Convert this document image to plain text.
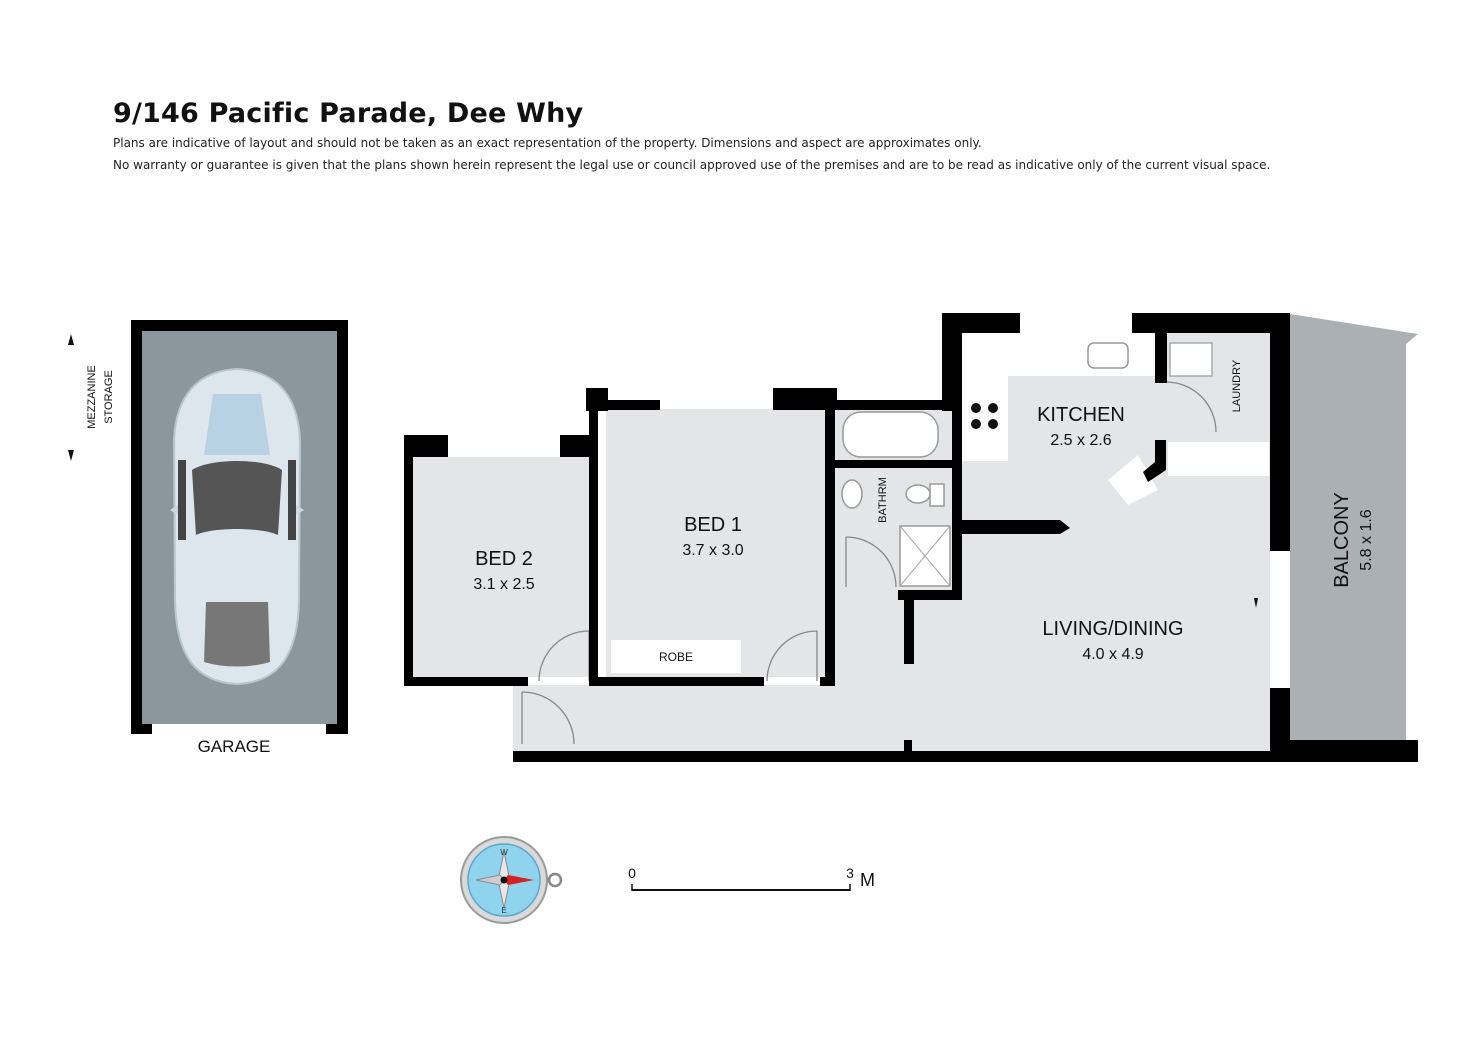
9/146 Pacific Parade, Dee Why

Plans are indicative of layout and should not be taken as an exact representation of the property. Dimensions and aspect are approximates only.

No warranty or guarantee is given that the plans shown herein represent the legal use or council approved use of the premises and are to be read as indicative only of the current visual space.

GARAGE
MEZZANINE STORAGE
BED 2
3.1 x 2.5
BED 1
3.7 x 3.0
ROBE
BATHRM
KITCHEN
2.5 x 2.6
LAUNDRY
LIVING/DINING
4.0 x 4.9
BALCONY 5.8 x 1.6
W
E
0	3 M
